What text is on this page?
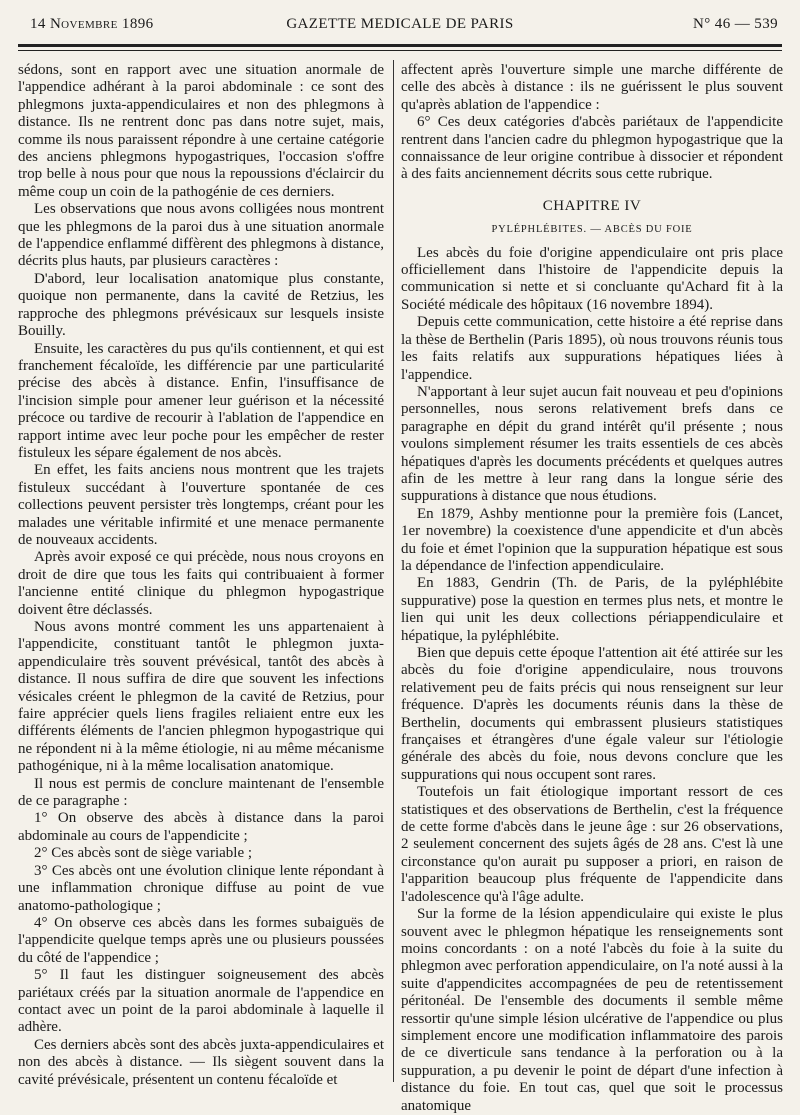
14 Novembre 1896	GAZETTE MEDICALE DE PARIS	N° 46 — 539

sédons, sont en rapport avec une situation anormale de l'appendice adhérant à la paroi abdominale : ce sont des phlegmons juxta-appendiculaires et non des phlegmons à distance. Ils ne rentrent donc pas dans notre sujet, mais, comme ils nous paraissent répondre à une certaine catégorie des anciens phlegmons hypogastriques, l'occasion s'offre trop belle à nous pour que nous la repoussions d'éclaircir du même coup un coin de la pathogénie de ces derniers.

Les observations que nous avons colligées nous montrent que les phlegmons de la paroi dus à une situation anormale de l'appendice enflammé diffèrent des phlegmons à distance, décrits plus hauts, par plusieurs caractères :

D'abord, leur localisation anatomique plus constante, quoique non permanente, dans la cavité de Retzius, les rapproche des phlegmons prévésicaux sur lesquels insiste Bouilly.

Ensuite, les caractères du pus qu'ils contiennent, et qui est franchement fécaloïde, les différencie par une particularité précise des abcès à distance. Enfin, l'insuffisance de l'incision simple pour amener leur guérison et la nécessité précoce ou tardive de recourir à l'ablation de l'appendice en rapport intime avec leur poche pour les empêcher de rester fistuleux les sépare également de nos abcès.

En effet, les faits anciens nous montrent que les trajets fistuleux succédant à l'ouverture spontanée de ces collections peuvent persister très longtemps, créant pour les malades une véritable infirmité et une menace permanente de nouveaux accidents.

Après avoir exposé ce qui précède, nous nous croyons en droit de dire que tous les faits qui contribuaient à former l'ancienne entité clinique du phlegmon hypogastrique doivent être déclassés.

Nous avons montré comment les uns appartenaient à l'appendicite, constituant tantôt le phlegmon juxta-appendiculaire très souvent prévésical, tantôt des abcès à distance. Il nous suffira de dire que souvent les infections vésicales créent le phlegmon de la cavité de Retzius, pour faire apprécier quels liens fragiles reliaient entre eux les différents éléments de l'ancien phlegmon hypogastrique qui ne répondent ni à la même étiologie, ni au même mécanisme pathogénique, ni à la même localisation anatomique.

Il nous est permis de conclure maintenant de l'ensemble de ce paragraphe :

1° On observe des abcès à distance dans la paroi abdominale au cours de l'appendicite ;

2° Ces abcès sont de siège variable ;

3° Ces abcès ont une évolution clinique lente répondant à une inflammation chronique diffuse au point de vue anatomo-pathologique ;

4° On observe ces abcès dans les formes subaiguës de l'appendicite quelque temps après une ou plusieurs poussées du côté de l'appendice ;

5° Il faut les distinguer soigneusement des abcès pariétaux créés par la situation anormale de l'appendice en contact avec un point de la paroi abdominale à laquelle il adhère.

Ces derniers abcès sont des abcès juxta-appendiculaires et non des abcès à distance. — Ils siègent souvent dans la cavité prévésicale, présentent un contenu fécaloïde et

affectent après l'ouverture simple une marche différente de celle des abcès à distance : ils ne guérissent le plus souvent qu'après ablation de l'appendice :

6° Ces deux catégories d'abcès pariétaux de l'appendicite rentrent dans l'ancien cadre du phlegmon hypogastrique que la connaissance de leur origine contribue à dissocier et répondent à des faits anciennement décrits sous cette rubrique.

CHAPITRE IV
PYLÉPHLÉBITES. — ABCÈS DU FOIE

Les abcès du foie d'origine appendiculaire ont pris place officiellement dans l'histoire de l'appendicite depuis la communication si nette et si concluante qu'Achard fit à la Société médicale des hôpitaux (16 novembre 1894).

Depuis cette communication, cette histoire a été reprise dans la thèse de Berthelin (Paris 1895), où nous trouvons réunis tous les faits relatifs aux suppurations hépatiques liées à l'appendice.

N'apportant à leur sujet aucun fait nouveau et peu d'opinions personnelles, nous serons relativement brefs dans ce paragraphe en dépit du grand intérêt qu'il présente ; nous voulons simplement résumer les traits essentiels de ces abcès hépatiques d'après les documents précédents et quelques autres afin de les mettre à leur rang dans la longue série des suppurations à distance que nous étudions.

En 1879, Ashby mentionne pour la première fois (Lancet, 1er novembre) la coexistence d'une appendicite et d'un abcès du foie et émet l'opinion que la suppuration hépatique est sous la dépendance de l'infection appendiculaire.

En 1883, Gendrin (Th. de Paris, de la pyléphlébite suppurative) pose la question en termes plus nets, et montre le lien qui unit les deux collections périappendiculaire et hépatique, la pyléphlébite.

Bien que depuis cette époque l'attention ait été attirée sur les abcès du foie d'origine appendiculaire, nous trouvons relativement peu de faits précis qui nous renseignent sur leur fréquence. D'après les documents réunis dans la thèse de Berthelin, documents qui embrassent plusieurs statistiques françaises et étrangères d'une égale valeur sur l'étiologie générale des abcès du foie, nous devons conclure que les suppurations qui nous occupent sont rares.

Toutefois un fait étiologique important ressort de ces statistiques et des observations de Berthelin, c'est la fréquence de cette forme d'abcès dans le jeune âge : sur 26 observations, 2 seulement concernent des sujets âgés de 28 ans. C'est là une circonstance qu'on aurait pu supposer a priori, en raison de l'apparition beaucoup plus fréquente de l'appendicite dans l'adolescence qu'à l'âge adulte.

Sur la forme de la lésion appendiculaire qui existe le plus souvent avec le phlegmon hépatique les renseignements sont moins concordants : on a noté l'abcès du foie à la suite du phlegmon avec perforation appendiculaire, on l'a noté aussi à la suite d'appendicites accompagnées de peu de retentissement péritonéal. De l'ensemble des documents il semble même ressortir qu'une simple lésion ulcérative de l'appendice ou plus simplement encore une modification inflammatoire des parois de ce diverticule sans tendance à la perforation ou à la suppuration, a pu devenir le point de départ d'une infection à distance du foie. En tout cas, quel que soit le processus anatomique
